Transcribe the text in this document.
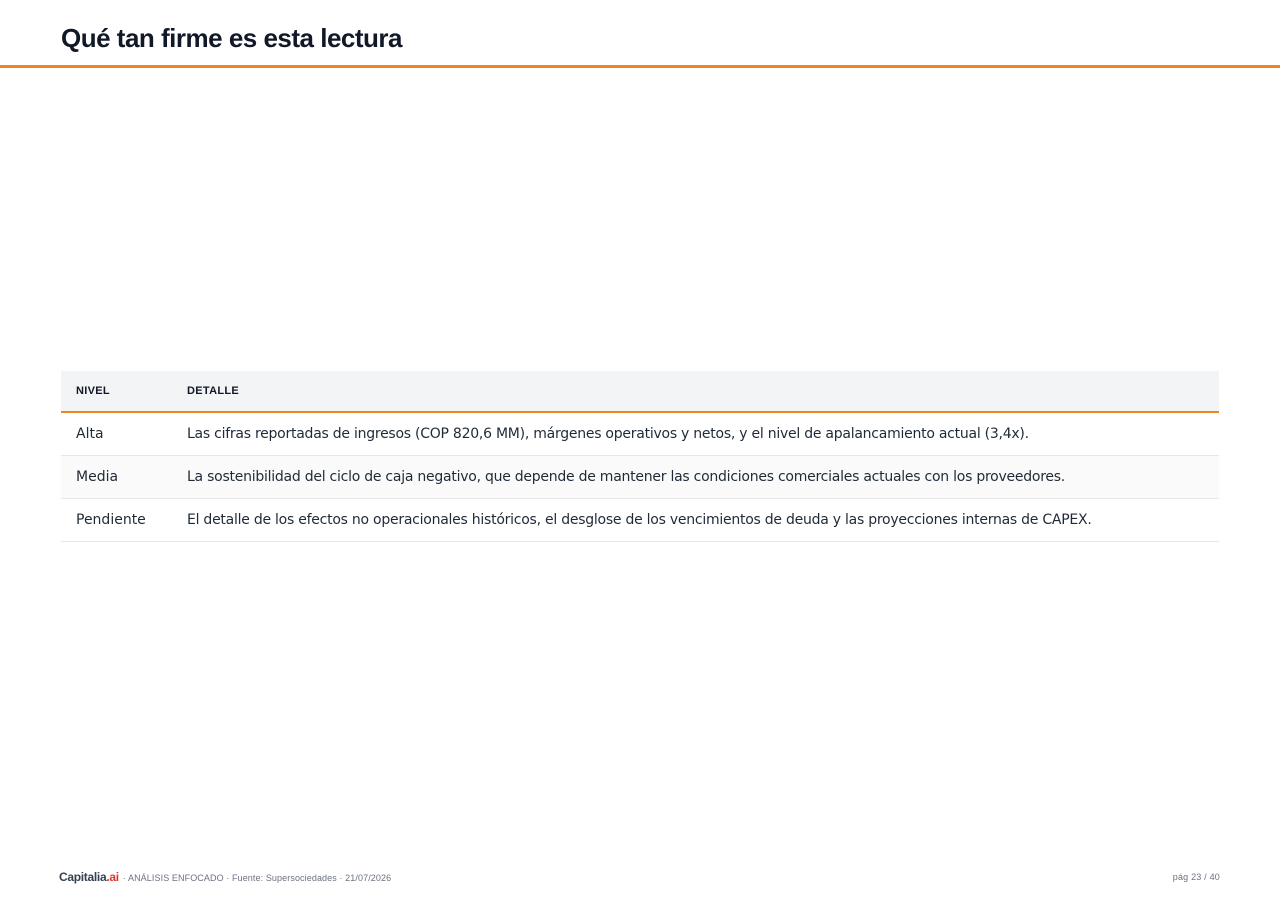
Qué tan firme es esta lectura
NIVEL	DETALLE
Alta	Las cifras reportadas de ingresos (COP 820,6 MM), márgenes operativos y netos, y el nivel de apalancamiento actual (3,4x).
Media	La sostenibilidad del ciclo de caja negativo, que depende de mantener las condiciones comerciales actuales con los proveedores.
Pendiente	El detalle de los efectos no operacionales históricos, el desglose de los vencimientos de deuda y las proyecciones internas de CAPEX.
Capitalia.ai · ANÁLISIS ENFOCADO · Fuente: Supersociedades · 21/07/2026	pág 23 / 40
